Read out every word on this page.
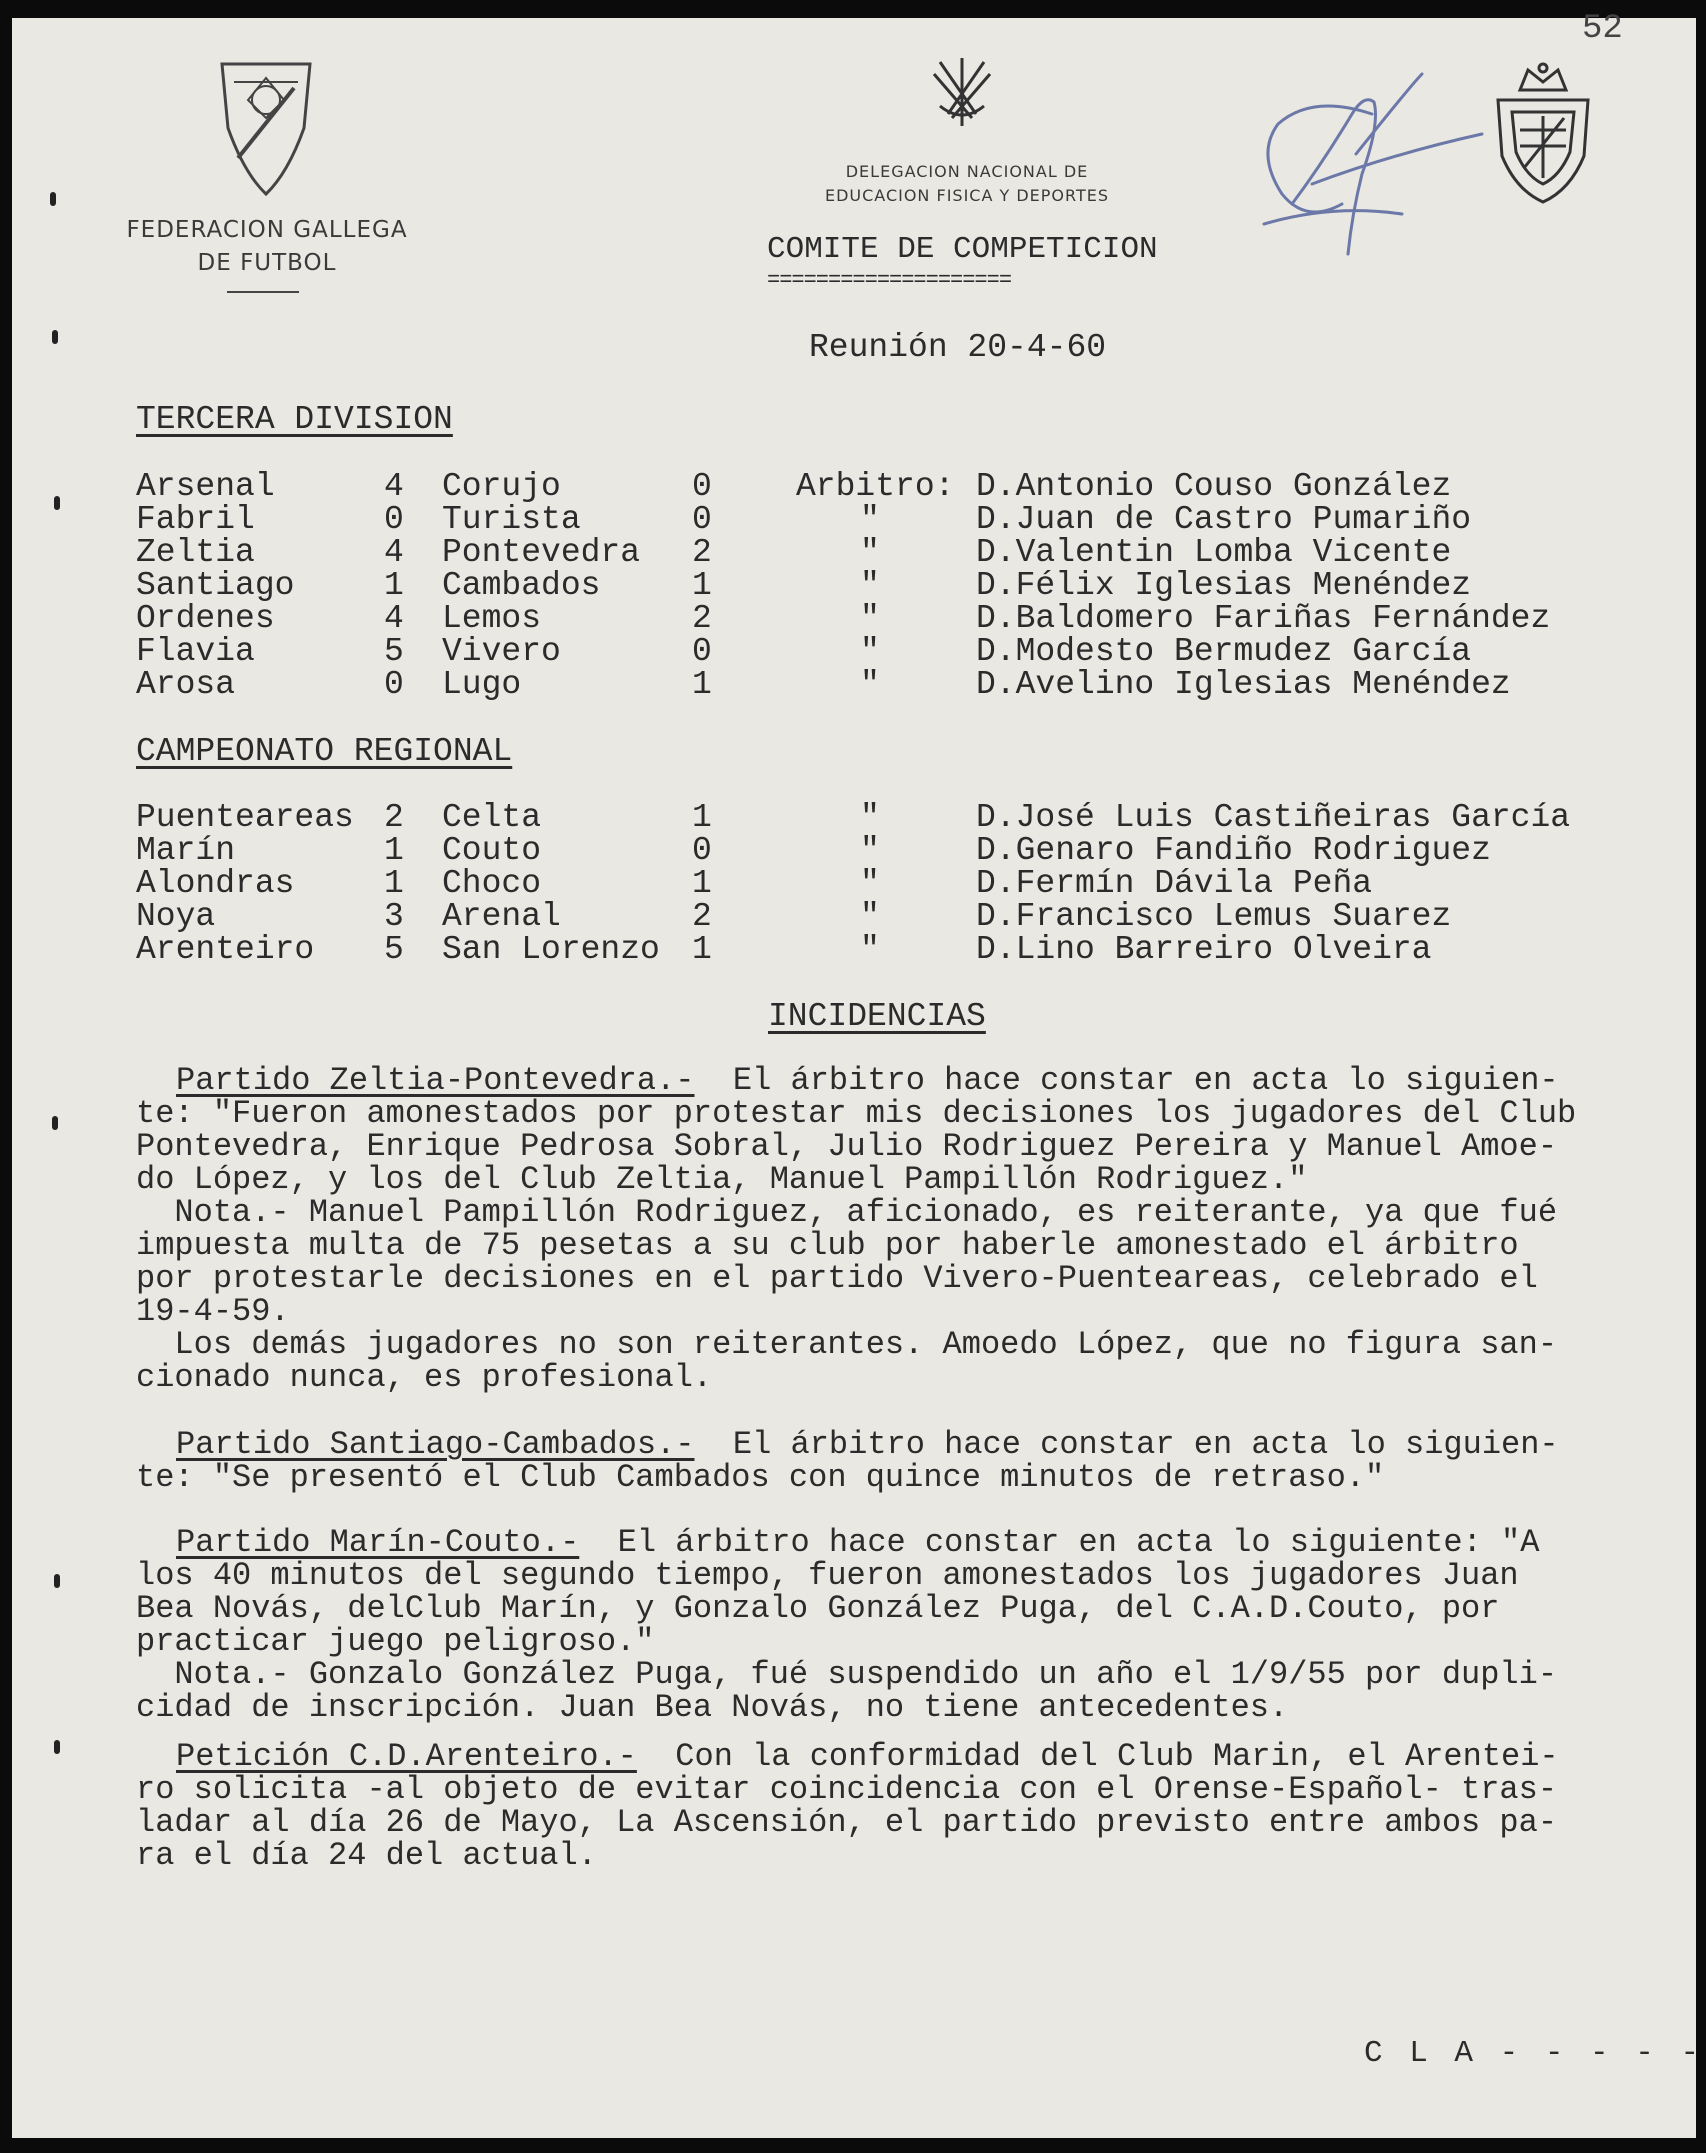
52
FEDERACION GALLEGA
DE FUTBOL
DELEGACION NACIONAL DE
EDUCACION FISICA Y DEPORTES
COMITE DE COMPETICION
====================
Reunión 20-4-60
TERCERA DIVISION
Arsenal	4	Corujo	0	Arbitro:	D.Antonio Couso González
Fabril	0	Turista	0	"	D.Juan de Castro Pumariño
Zeltia	4	Pontevedra	2	"	D.Valentin Lomba Vicente
Santiago	1	Cambados	1	"	D.Félix Iglesias Menéndez
Ordenes	4	Lemos	2	"	D.Baldomero Fariñas Fernández
Flavia	5	Vivero	0	"	D.Modesto Bermudez García
Arosa	0	Lugo	1	"	D.Avelino Iglesias Menéndez
CAMPEONATO REGIONAL
Puenteareas	2	Celta	1	"	D.José Luis Castiñeiras García
Marín	1	Couto	0	"	D.Genaro Fandiño Rodriguez
Alondras	1	Choco	1	"	D.Fermín Dávila Peña
Noya	3	Arenal	2	"	D.Francisco Lemus Suarez
Arenteiro	5	San Lorenzo	1	"	D.Lino Barreiro Olveira
INCIDENCIAS

Partido Zeltia-Pontevedra.-  El árbitro hace constar en acta lo siguien-

te: "Fueron amonestados por protestar mis decisiones los jugadores del Club

Pontevedra, Enrique Pedrosa Sobral, Julio Rodriguez Pereira y Manuel Amoe-

do López, y los del Club Zeltia, Manuel Pampillón Rodriguez."

Nota.- Manuel Pampillón Rodriguez, aficionado, es reiterante, ya que fué

impuesta multa de 75 pesetas a su club por haberle amonestado el árbitro

por protestarle decisiones en el partido Vivero-Puenteareas, celebrado el

19-4-59.

Los demás jugadores no son reiterantes. Amoedo López, que no figura san-

cionado nunca, es profesional.

Partido Santiago-Cambados.-  El árbitro hace constar en acta lo siguien-

te: "Se presentó el Club Cambados con quince minutos de retraso."

Partido Marín-Couto.-  El árbitro hace constar en acta lo siguiente: "A

los 40 minutos del segundo tiempo, fueron amonestados los jugadores Juan

Bea Novás, delClub Marín, y Gonzalo González Puga, del C.A.D.Couto, por

practicar juego peligroso."

Nota.- Gonzalo González Puga, fué suspendido un año el 1/9/55 por dupli-

cidad de inscripción. Juan Bea Novás, no tiene antecedentes.

Petición C.D.Arenteiro.-  Con la conformidad del Club Marin, el Arentei-

ro solicita -al objeto de evitar coincidencia con el Orense-Español- tras-

ladar al día 26 de Mayo, La Ascensión, el partido previsto entre ambos pa-

ra el día 24 del actual.

C L A - - - - -
